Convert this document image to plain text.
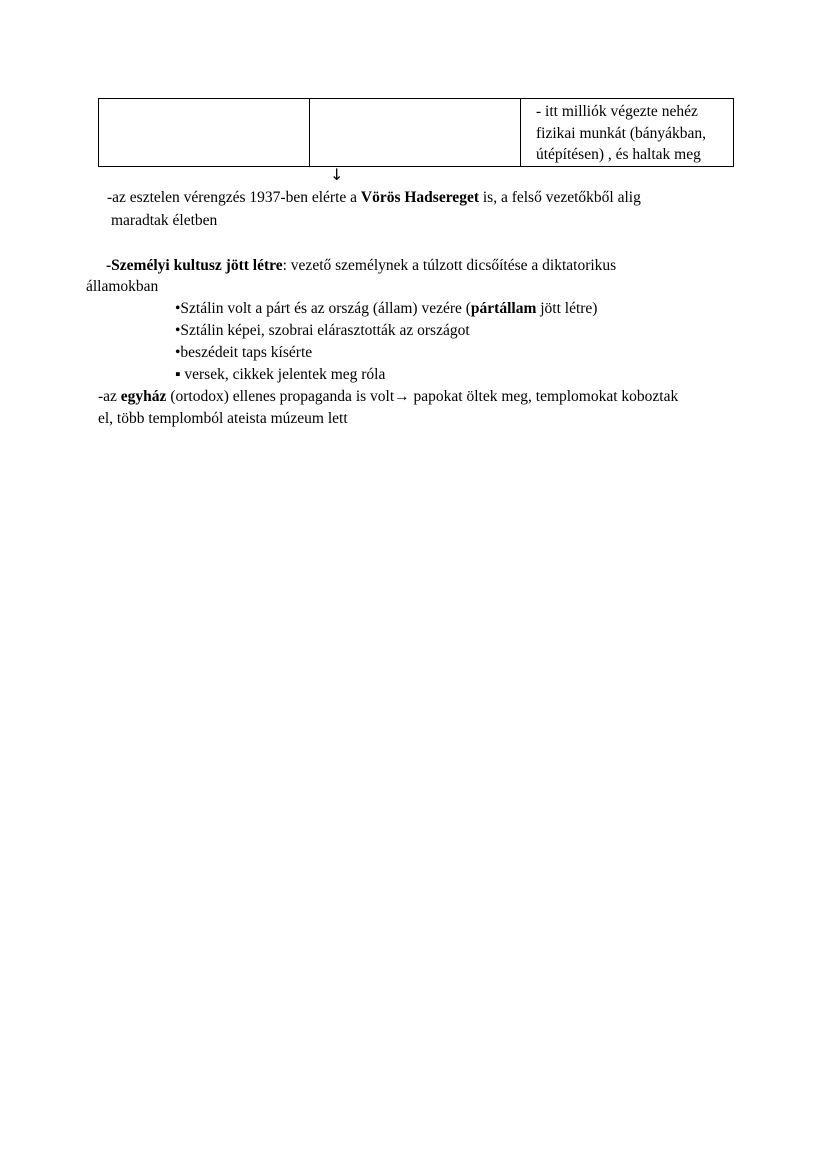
- itt milliók végezte nehéz
fizikai munkát (bányákban,
útépítésen) , és haltak meg
↓
-az esztelen vérengzés 1937-ben elérte a Vörös Hadsereget is, a felső vezetőkből alig
maradtak életben
-Személyi kultusz jött létre: vezető személynek a túlzott dicsőítése a diktatorikus
államokban
•Sztálin volt a párt és az ország (állam) vezére (pártállam jött létre)
•Sztálin képei, szobrai elárasztották az országot
•beszédeit taps kísérte
▪ versek, cikkek jelentek meg róla
-az egyház (ortodox) ellenes propaganda is volt→ papokat öltek meg, templomokat koboztak
el, több templomból ateista múzeum lett
